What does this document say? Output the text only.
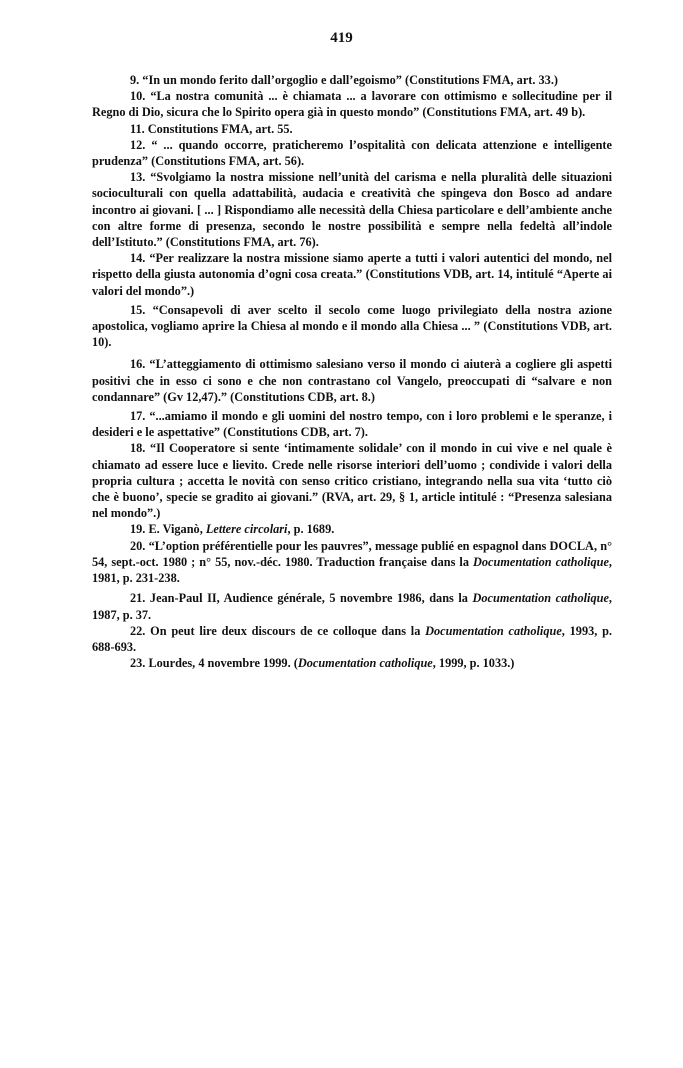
419

9. “In un mondo ferito dall’orgoglio e dall’egoismo” (Constitutions FMA, art. 33.)

10. “La nostra comunità ... è chiamata ... a lavorare con ottimismo e sollecitudine per il Regno di Dio, sicura che lo Spirito opera già in questo mondo” (Constitutions FMA, art. 49 b).

11. Constitutions FMA, art. 55.

12. “ ... quando occorre, praticheremo l’ospitalità con delicata attenzione e intelligente prudenza” (Constitutions FMA, art. 56).

13. “Svolgiamo la nostra missione nell’unità del carisma e nella pluralità delle situazioni socioculturali con quella adattabilità, audacia e creatività che spingeva don Bosco ad andare incontro ai giovani. [ ... ] Rispondiamo alle necessità della Chiesa particolare e dell’ambiente anche con altre forme di presenza, secondo le nostre possibilità e sempre nella fedeltà all’indole dell’Istituto.” (Constitutions FMA, art. 76).

14. “Per realizzare la nostra missione siamo aperte a tutti i valori autentici del mondo, nel rispetto della giusta autonomia d’ogni cosa creata.” (Constitutions VDB, art. 14, intitulé “Aperte ai valori del mondo”.)

15. “Consapevoli di aver scelto il secolo come luogo privilegiato della nostra azione apostolica, vogliamo aprire la Chiesa al mondo e il mondo alla Chiesa ... ” (Constitutions VDB, art. 10).

16. “L’atteggiamento di ottimismo salesiano verso il mondo ci aiuterà a cogliere gli aspetti positivi che in esso ci sono e che non contrastano col Vangelo, preoccupati di “salvare e non condannare” (Gv 12,47).” (Constitutions CDB, art. 8.)

17. “...amiamo il mondo e gli uomini del nostro tempo, con i loro problemi e le speranze, i desideri e le aspettative” (Constitutions CDB, art. 7).

18. “Il Cooperatore si sente ‘intimamente solidale’ con il mondo in cui vive e nel quale è chiamato ad essere luce e lievito. Crede nelle risorse interiori dell’uomo ; condivide i valori della propria cultura ; accetta le novità con senso critico cristiano, integrando nella sua vita ‘tutto ciò che è buono’, specie se gradito ai giovani.” (RVA, art. 29, § 1, article intitulé : “Presenza salesiana nel mondo”.)

19. E. Viganò, Lettere circolari, p. 1689.

20. “L’option préférentielle pour les pauvres”, message publié en espagnol dans DOCLA, n° 54, sept.-oct. 1980 ; n° 55, nov.-déc. 1980. Traduction française dans la Documentation catholique, 1981, p. 231-238.

21. Jean-Paul II, Audience générale, 5 novembre 1986, dans la Documentation catholique, 1987, p. 37.

22. On peut lire deux discours de ce colloque dans la Documentation catholique, 1993, p. 688-693.

23. Lourdes, 4 novembre 1999. (Documentation catholique, 1999, p. 1033.)
